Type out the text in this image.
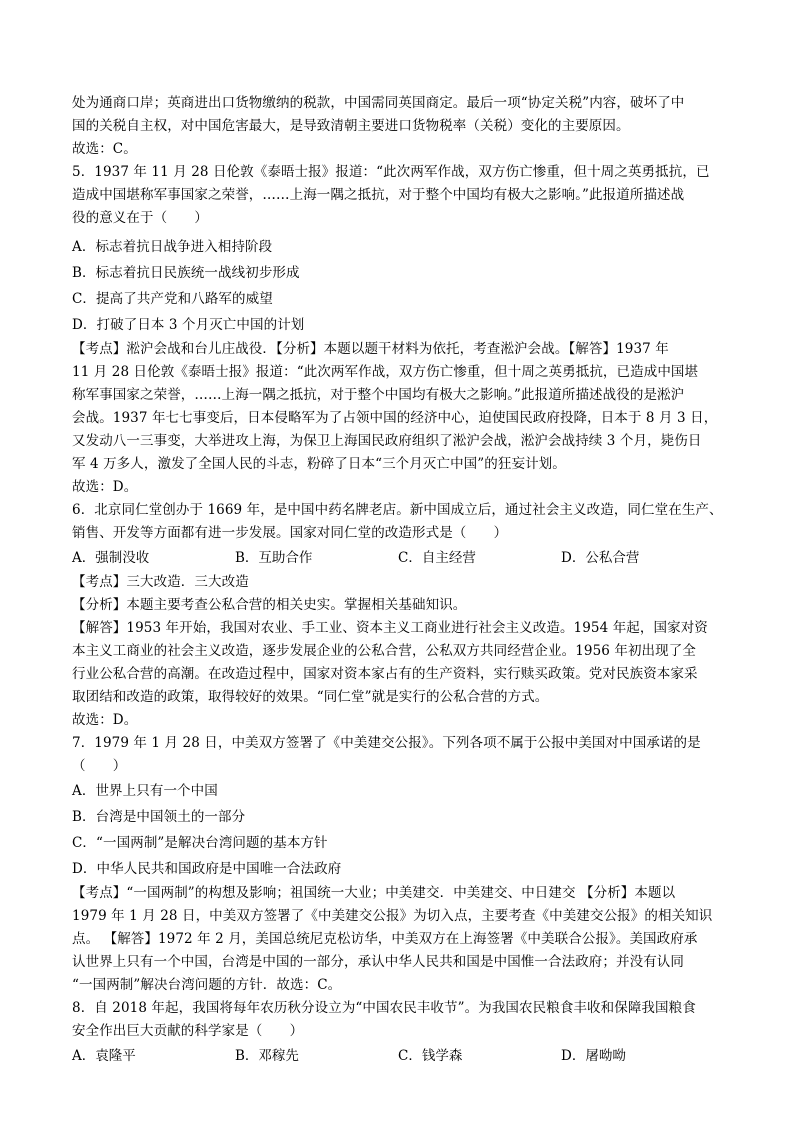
处为通商口岸；英商进出口货物缴纳的税款，中国需同英国商定。最后一项“协定关税”内容，破坏了中
国的关税自主权，对中国危害最大，是导致清朝主要进口货物税率（关税）变化的主要原因。
故选：C。
5．1937 年 11 月 28 日伦敦《泰晤士报》报道：“此次两军作战，双方伤亡惨重，但十周之英勇抵抗，已
造成中国堪称军事国家之荣誉，……上海一隅之抵抗，对于整个中国均有极大之影响。”此报道所描述战
役的意义在于（　　）
A．标志着抗日战争进入相持阶段
B．标志着抗日民族统一战线初步形成
C．提高了共产党和八路军的威望
D．打破了日本 3 个月灭亡中国的计划
【考点】淞沪会战和台儿庄战役．【分析】本题以题干材料为依托，考查淞沪会战。【解答】1937 年
11 月 28 日伦敦《泰晤士报》报道：“此次两军作战，双方伤亡惨重，但十周之英勇抵抗，已造成中国堪
称军事国家之荣誉，……上海一隅之抵抗，对于整个中国均有极大之影响。”此报道所描述战役的是淞沪
会战。1937 年七七事变后，日本侵略军为了占领中国的经济中心，迫使国民政府投降，日本于 8 月 3 日，
又发动八一三事变，大举进攻上海，为保卫上海国民政府组织了淞沪会战，淞沪会战持续 3 个月，毙伤日
军 4 万多人，激发了全国人民的斗志，粉碎了日本“三个月灭亡中国”的狂妄计划。
故选：D。
6．北京同仁堂创办于 1669 年，是中国中药名牌老店。新中国成立后，通过社会主义改造，同仁堂在生产、
销售、开发等方面都有进一步发展。国家对同仁堂的改造形式是（　　）
A．强制没收	B．互助合作	C．自主经营	D．公私合营
【考点】三大改造．三大改造
【分析】本题主要考查公私合营的相关史实。掌握相关基础知识。
【解答】1953 年开始，我国对农业、手工业、资本主义工商业进行社会主义改造。1954 年起，国家对资
本主义工商业的社会主义改造，逐步发展企业的公私合营，公私双方共同经营企业。1956 年初出现了全
行业公私合营的高潮。在改造过程中，国家对资本家占有的生产资料，实行赎买政策。党对民族资本家采
取团结和改造的政策，取得较好的效果。“同仁堂”就是实行的公私合营的方式。
故选：D。
7．1979 年 1 月 28 日，中美双方签署了《中美建交公报》。下列各项不属于公报中美国对中国承诺的是
（　　）
A．世界上只有一个中国
B．台湾是中国领土的一部分
C．“一国两制”是解决台湾问题的基本方针
D．中华人民共和国政府是中国唯一合法政府
【考点】“一国两制”的构想及影响；祖国统一大业；中美建交．中美建交、中日建交 【分析】本题以
1979 年 1 月 28 日，中美双方签署了《中美建交公报》为切入点，主要考查《中美建交公报》的相关知识
点。 【解答】1972 年 2 月，美国总统尼克松访华，中美双方在上海签署《中美联合公报》。美国政府承
认世界上只有一个中国，台湾是中国的一部分，承认中华人民共和国是中国惟一合法政府；并没有认同
“一国两制”解决台湾问题的方针．故选：C。
8．自 2018 年起，我国将每年农历秋分设立为“中国农民丰收节”。为我国农民粮食丰收和保障我国粮食
安全作出巨大贡献的科学家是（　　）
A．袁隆平	B．邓稼先	C．钱学森	D．屠呦呦
